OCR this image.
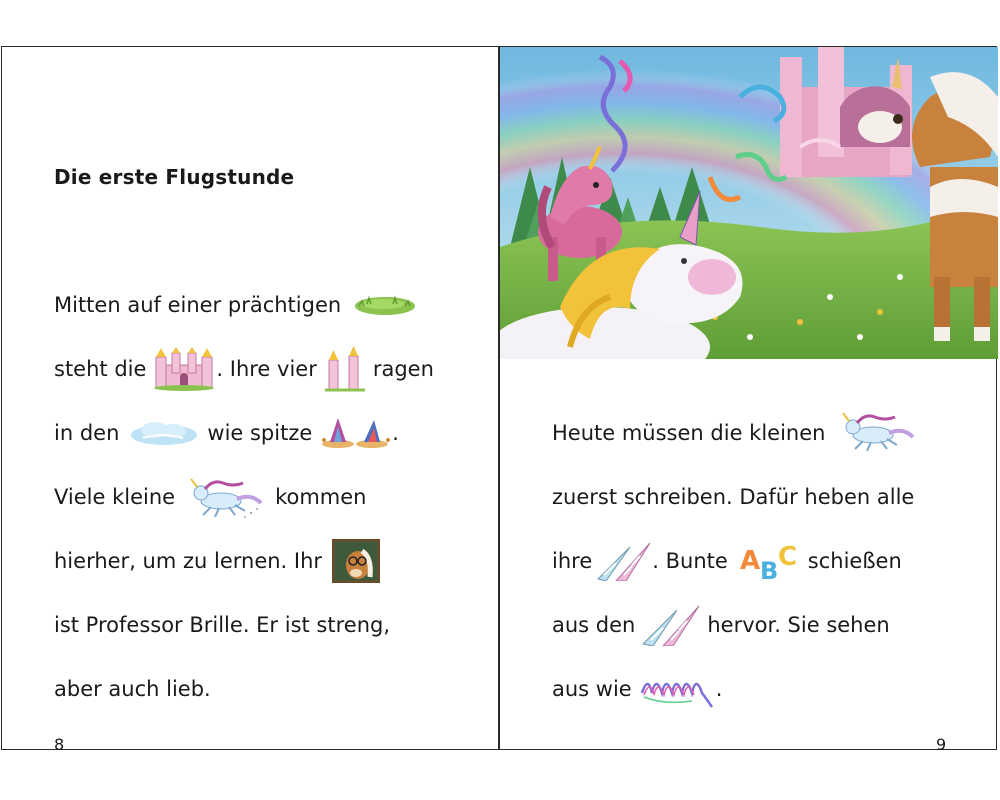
Die erste Flugstunde
Mitten auf einer prächtigen
steht die	. Ihre vier	ragen
in den	wie spitze	.
Viele kleine	kommen
hierher, um zu lernen. Ihr
ist Professor Brille. Er ist streng,
aber auch lieb.
8
Heute müssen die kleinen
zuerst schreiben. Dafür heben alle
ihre	. Bunte A B C schießen
aus den	hervor. Sie sehen
aus wie	.
9
